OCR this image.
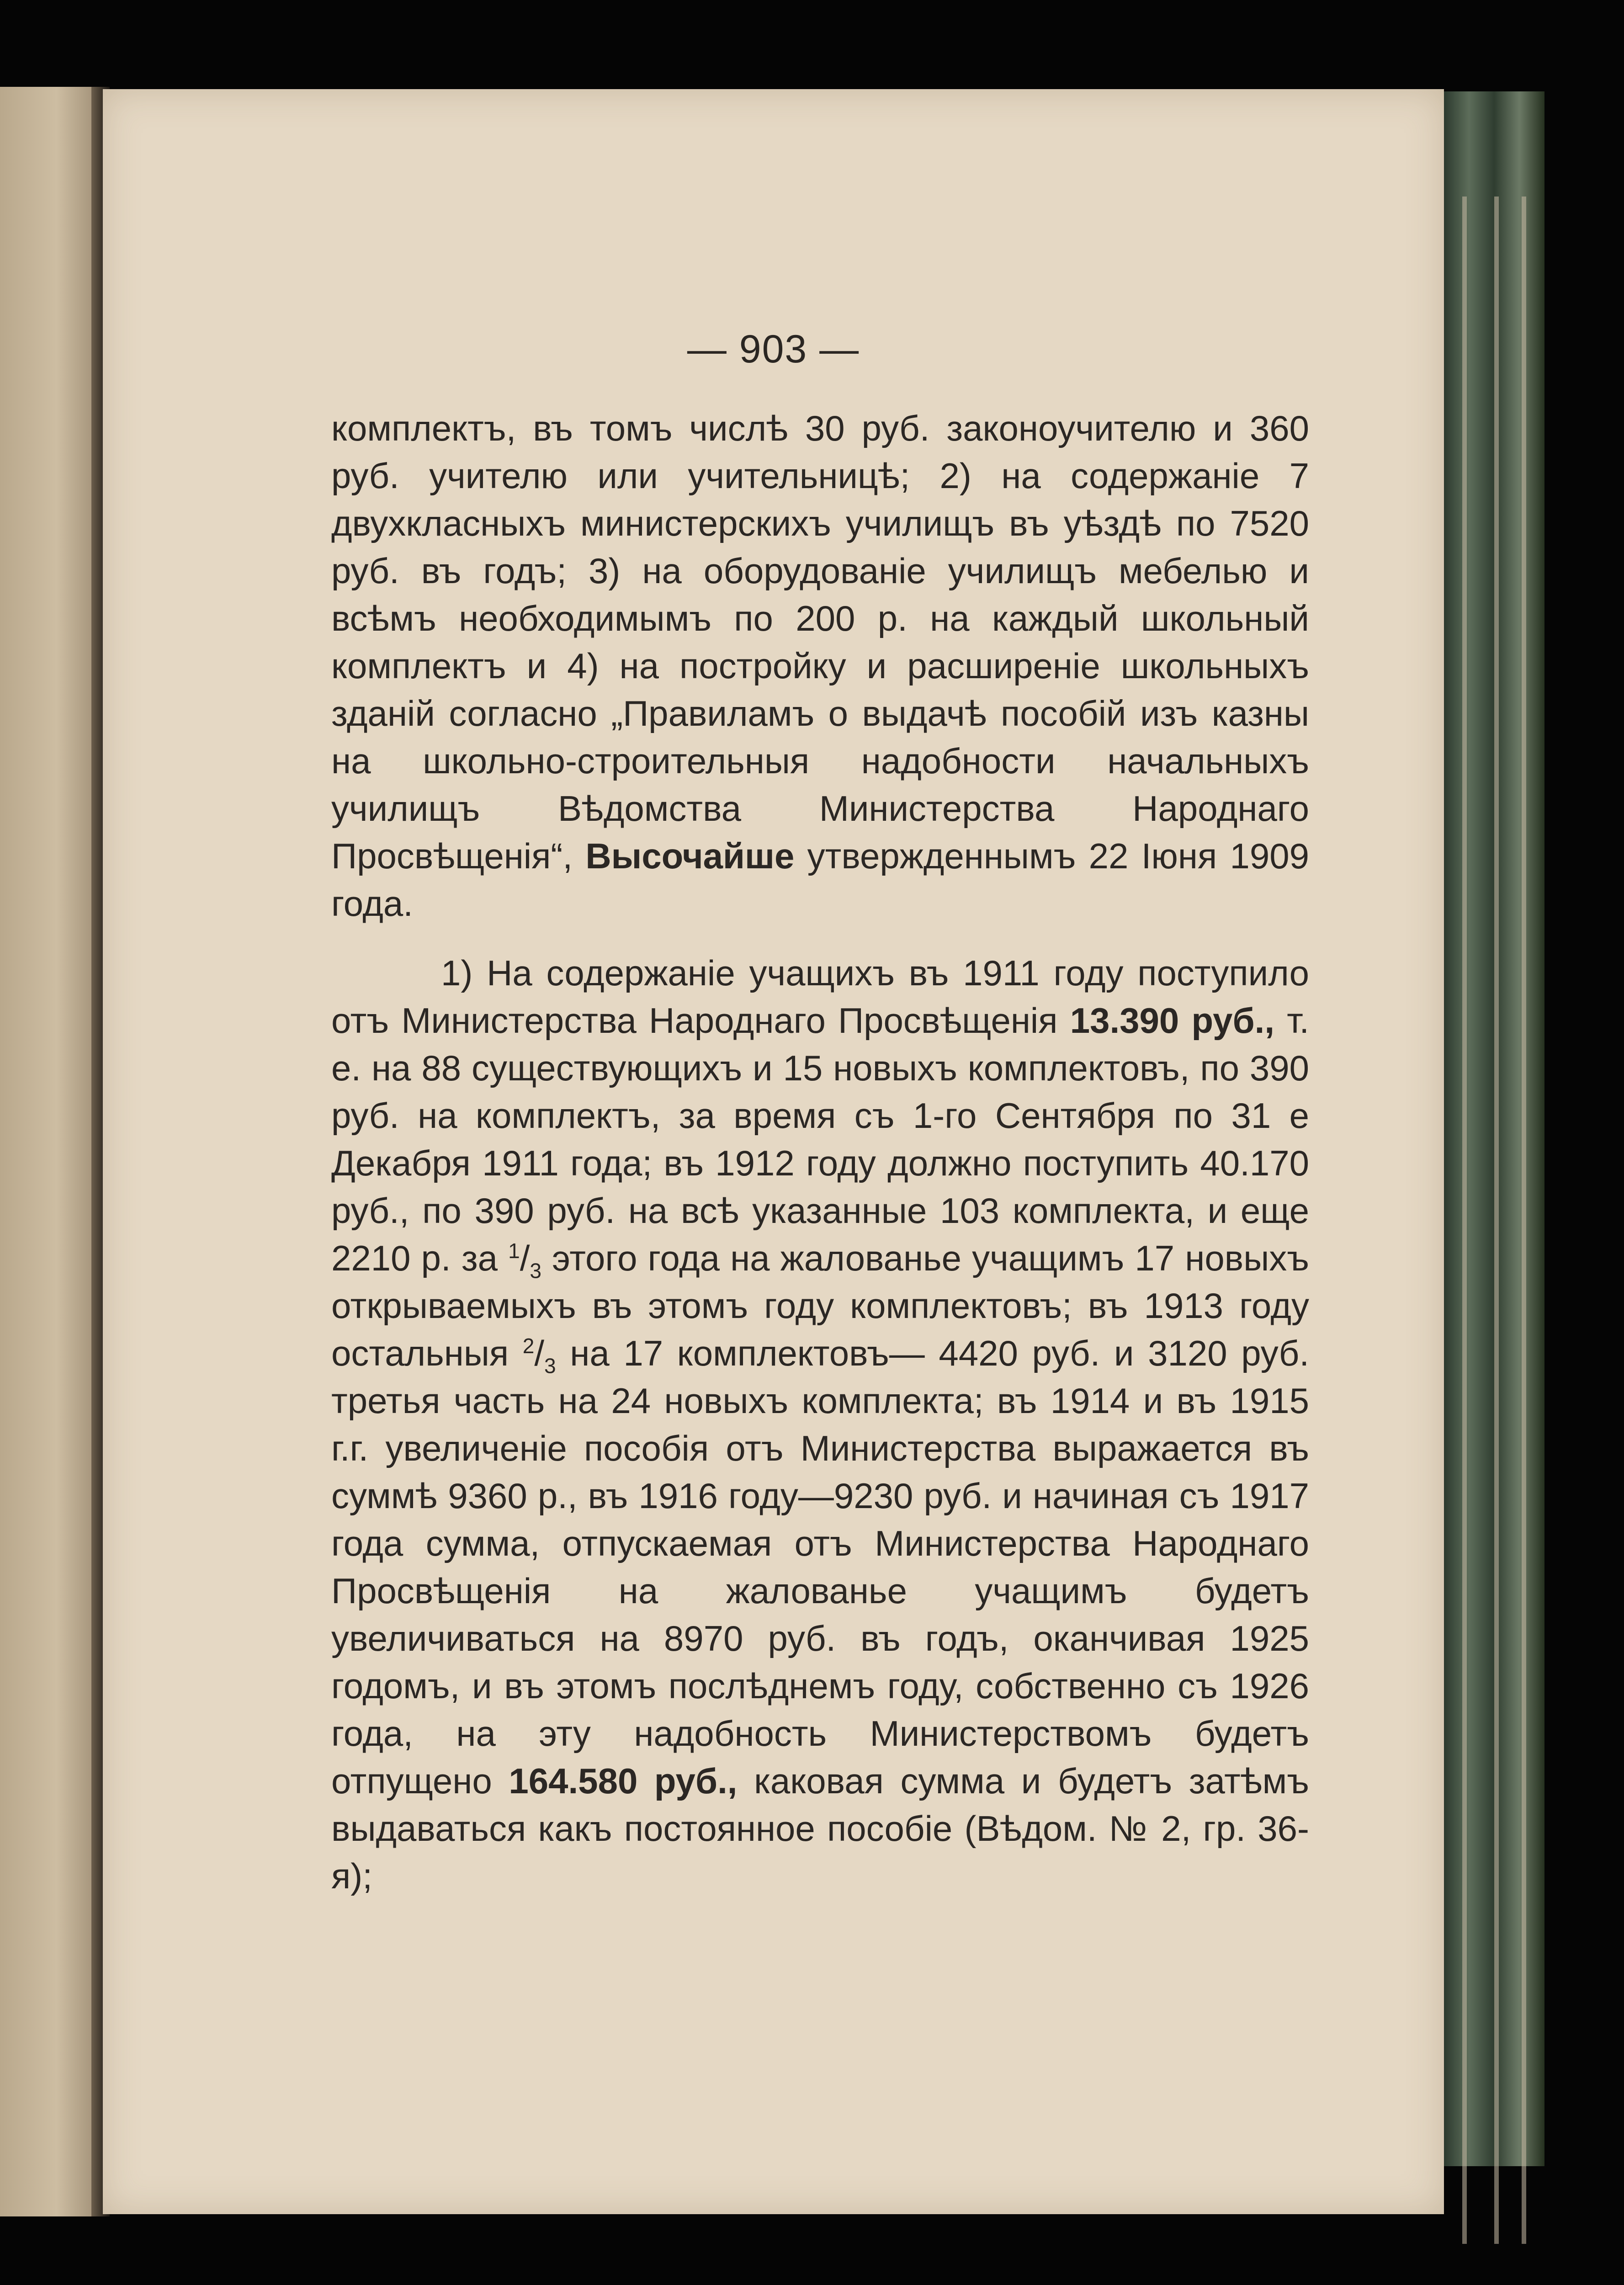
— 903 —

комплектъ, въ томъ числѣ 30 руб. законоучителю и 360 руб. учителю или учительницѣ; 2) на содержаніе 7 двухкласныхъ министерскихъ училищъ въ уѣздѣ по 7520 руб. въ годъ; 3) на оборудованіе училищъ мебелью и всѣмъ необходимымъ по 200 р. на каждый школьный комплектъ и 4) на постройку и расширеніе школьныхъ зданій согласно „Правиламъ о выдачѣ пособій изъ казны на школьно-строительныя надобности начальныхъ училищъ Вѣдомства Министерства Народнаго Просвѣщенія“, Высочайше утвержденнымъ 22 Іюня 1909 года.

1) На содержаніе учащихъ въ 1911 году поступило отъ Министерства Народнаго Просвѣщенія 13.390 руб., т. е. на 88 существующихъ и 15 новыхъ комплектовъ, по 390 руб. на комплектъ, за время съ 1-го Сентября по 31 е Декабря 1911 года; въ 1912 году должно поступить 40.170 руб., по 390 руб. на всѣ указанные 103 комплекта, и еще 2210 р. за $^1/_3$ этого года на жалованье учащимъ 17 новыхъ открываемыхъ въ этомъ году комплектовъ; въ 1913 году остальныя $^2/_3$ на 17 комплектовъ— 4420 руб. и 3120 руб. третья часть на 24 новыхъ комплекта; въ 1914 и въ 1915 г.г. увеличеніе пособія отъ Министерства выражается въ суммѣ 9360 р., въ 1916 году—9230 руб. и начиная съ 1917 года сумма, отпускаемая отъ Министерства Народнаго Просвѣщенія на жалованье учащимъ будетъ увеличиваться на 8970 руб. въ годъ, оканчивая 1925 годомъ, и въ этомъ послѣднемъ году, собственно съ 1926 года, на эту надобность Министерствомъ будетъ отпущено 164.580 руб., каковая сумма и будетъ затѣмъ выдаваться какъ постоянное пособіе (Вѣдом. № 2, гр. 36-я);
